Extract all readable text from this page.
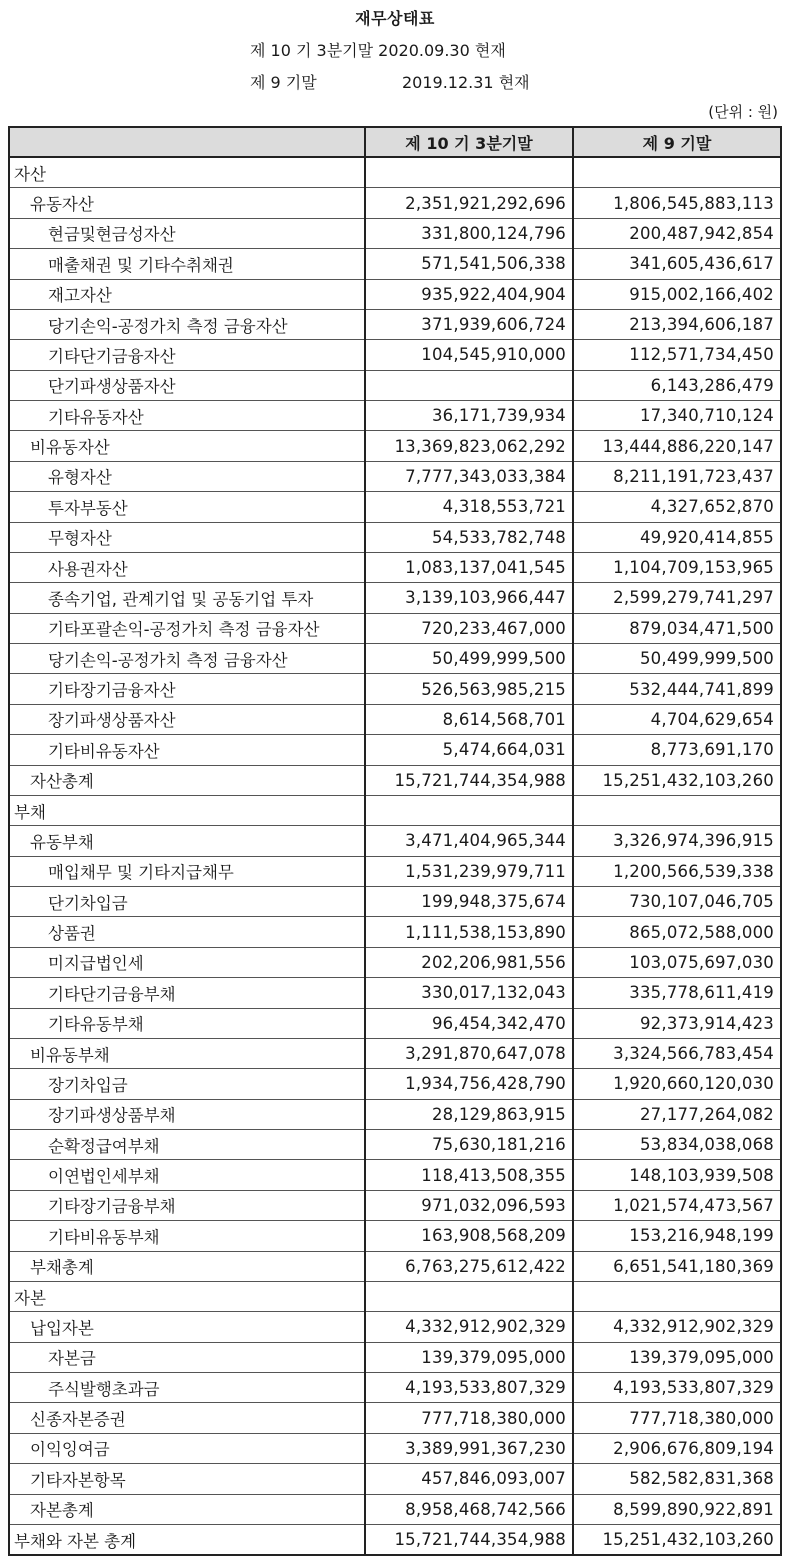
재무상태표
제 10 기 3분기말 2020.09.30 현재
제 9 기말	2019.12.31 현재
(단위 : 원)
	제 10 기 3분기말	제 9 기말
자산		
유동자산	2,351,921,292,696	1,806,545,883,113
현금및현금성자산	331,800,124,796	200,487,942,854
매출채권 및 기타수취채권	571,541,506,338	341,605,436,617
재고자산	935,922,404,904	915,002,166,402
당기손익-공정가치 측정 금융자산	371,939,606,724	213,394,606,187
기타단기금융자산	104,545,910,000	112,571,734,450
단기파생상품자산		6,143,286,479
기타유동자산	36,171,739,934	17,340,710,124
비유동자산	13,369,823,062,292	13,444,886,220,147
유형자산	7,777,343,033,384	8,211,191,723,437
투자부동산	4,318,553,721	4,327,652,870
무형자산	54,533,782,748	49,920,414,855
사용권자산	1,083,137,041,545	1,104,709,153,965
종속기업, 관계기업 및 공동기업 투자	3,139,103,966,447	2,599,279,741,297
기타포괄손익-공정가치 측정 금융자산	720,233,467,000	879,034,471,500
당기손익-공정가치 측정 금융자산	50,499,999,500	50,499,999,500
기타장기금융자산	526,563,985,215	532,444,741,899
장기파생상품자산	8,614,568,701	4,704,629,654
기타비유동자산	5,474,664,031	8,773,691,170
자산총계	15,721,744,354,988	15,251,432,103,260
부채		
유동부채	3,471,404,965,344	3,326,974,396,915
매입채무 및 기타지급채무	1,531,239,979,711	1,200,566,539,338
단기차입금	199,948,375,674	730,107,046,705
상품권	1,111,538,153,890	865,072,588,000
미지급법인세	202,206,981,556	103,075,697,030
기타단기금융부채	330,017,132,043	335,778,611,419
기타유동부채	96,454,342,470	92,373,914,423
비유동부채	3,291,870,647,078	3,324,566,783,454
장기차입금	1,934,756,428,790	1,920,660,120,030
장기파생상품부채	28,129,863,915	27,177,264,082
순확정급여부채	75,630,181,216	53,834,038,068
이연법인세부채	118,413,508,355	148,103,939,508
기타장기금융부채	971,032,096,593	1,021,574,473,567
기타비유동부채	163,908,568,209	153,216,948,199
부채총계	6,763,275,612,422	6,651,541,180,369
자본		
납입자본	4,332,912,902,329	4,332,912,902,329
자본금	139,379,095,000	139,379,095,000
주식발행초과금	4,193,533,807,329	4,193,533,807,329
신종자본증권	777,718,380,000	777,718,380,000
이익잉여금	3,389,991,367,230	2,906,676,809,194
기타자본항목	457,846,093,007	582,582,831,368
자본총계	8,958,468,742,566	8,599,890,922,891
부채와 자본 총계	15,721,744,354,988	15,251,432,103,260
